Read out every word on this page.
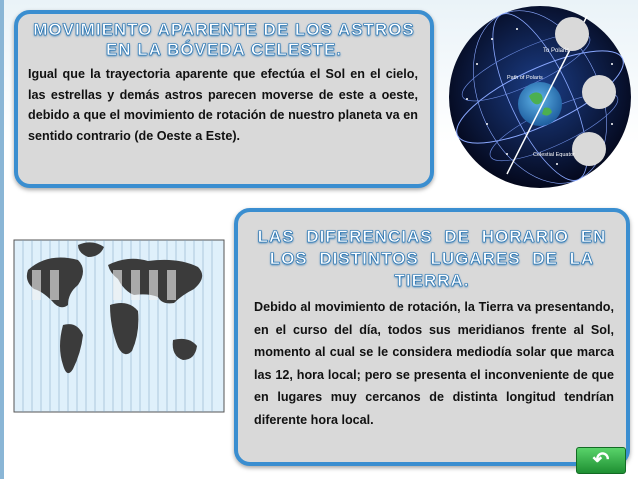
MOVIMIENTO APARENTE DE LOS ASTROS EN LA BÓVEDA CELESTE.
Igual que la trayectoria aparente que efectúa el Sol en el cielo, las estrellas y demás astros parecen moverse de este a oeste, debido a que el movimiento de rotación de nuestro planeta va en sentido contrario (de Oeste a Este).
To Polaris
Path of Polaris
Celestial Equator
LAS DIFERENCIAS DE HORARIO EN LOS DISTINTOS LUGARES DE LA TIERRA.
Debido al movimiento de rotación, la Tierra va presentando, en el curso del día, todos sus meridianos frente al Sol, momento al cual se le considera mediodía solar que marca las 12, hora local; pero se presenta el inconveniente de que en lugares muy cercanos de distinta longitud tendrían diferente hora local.
↶
